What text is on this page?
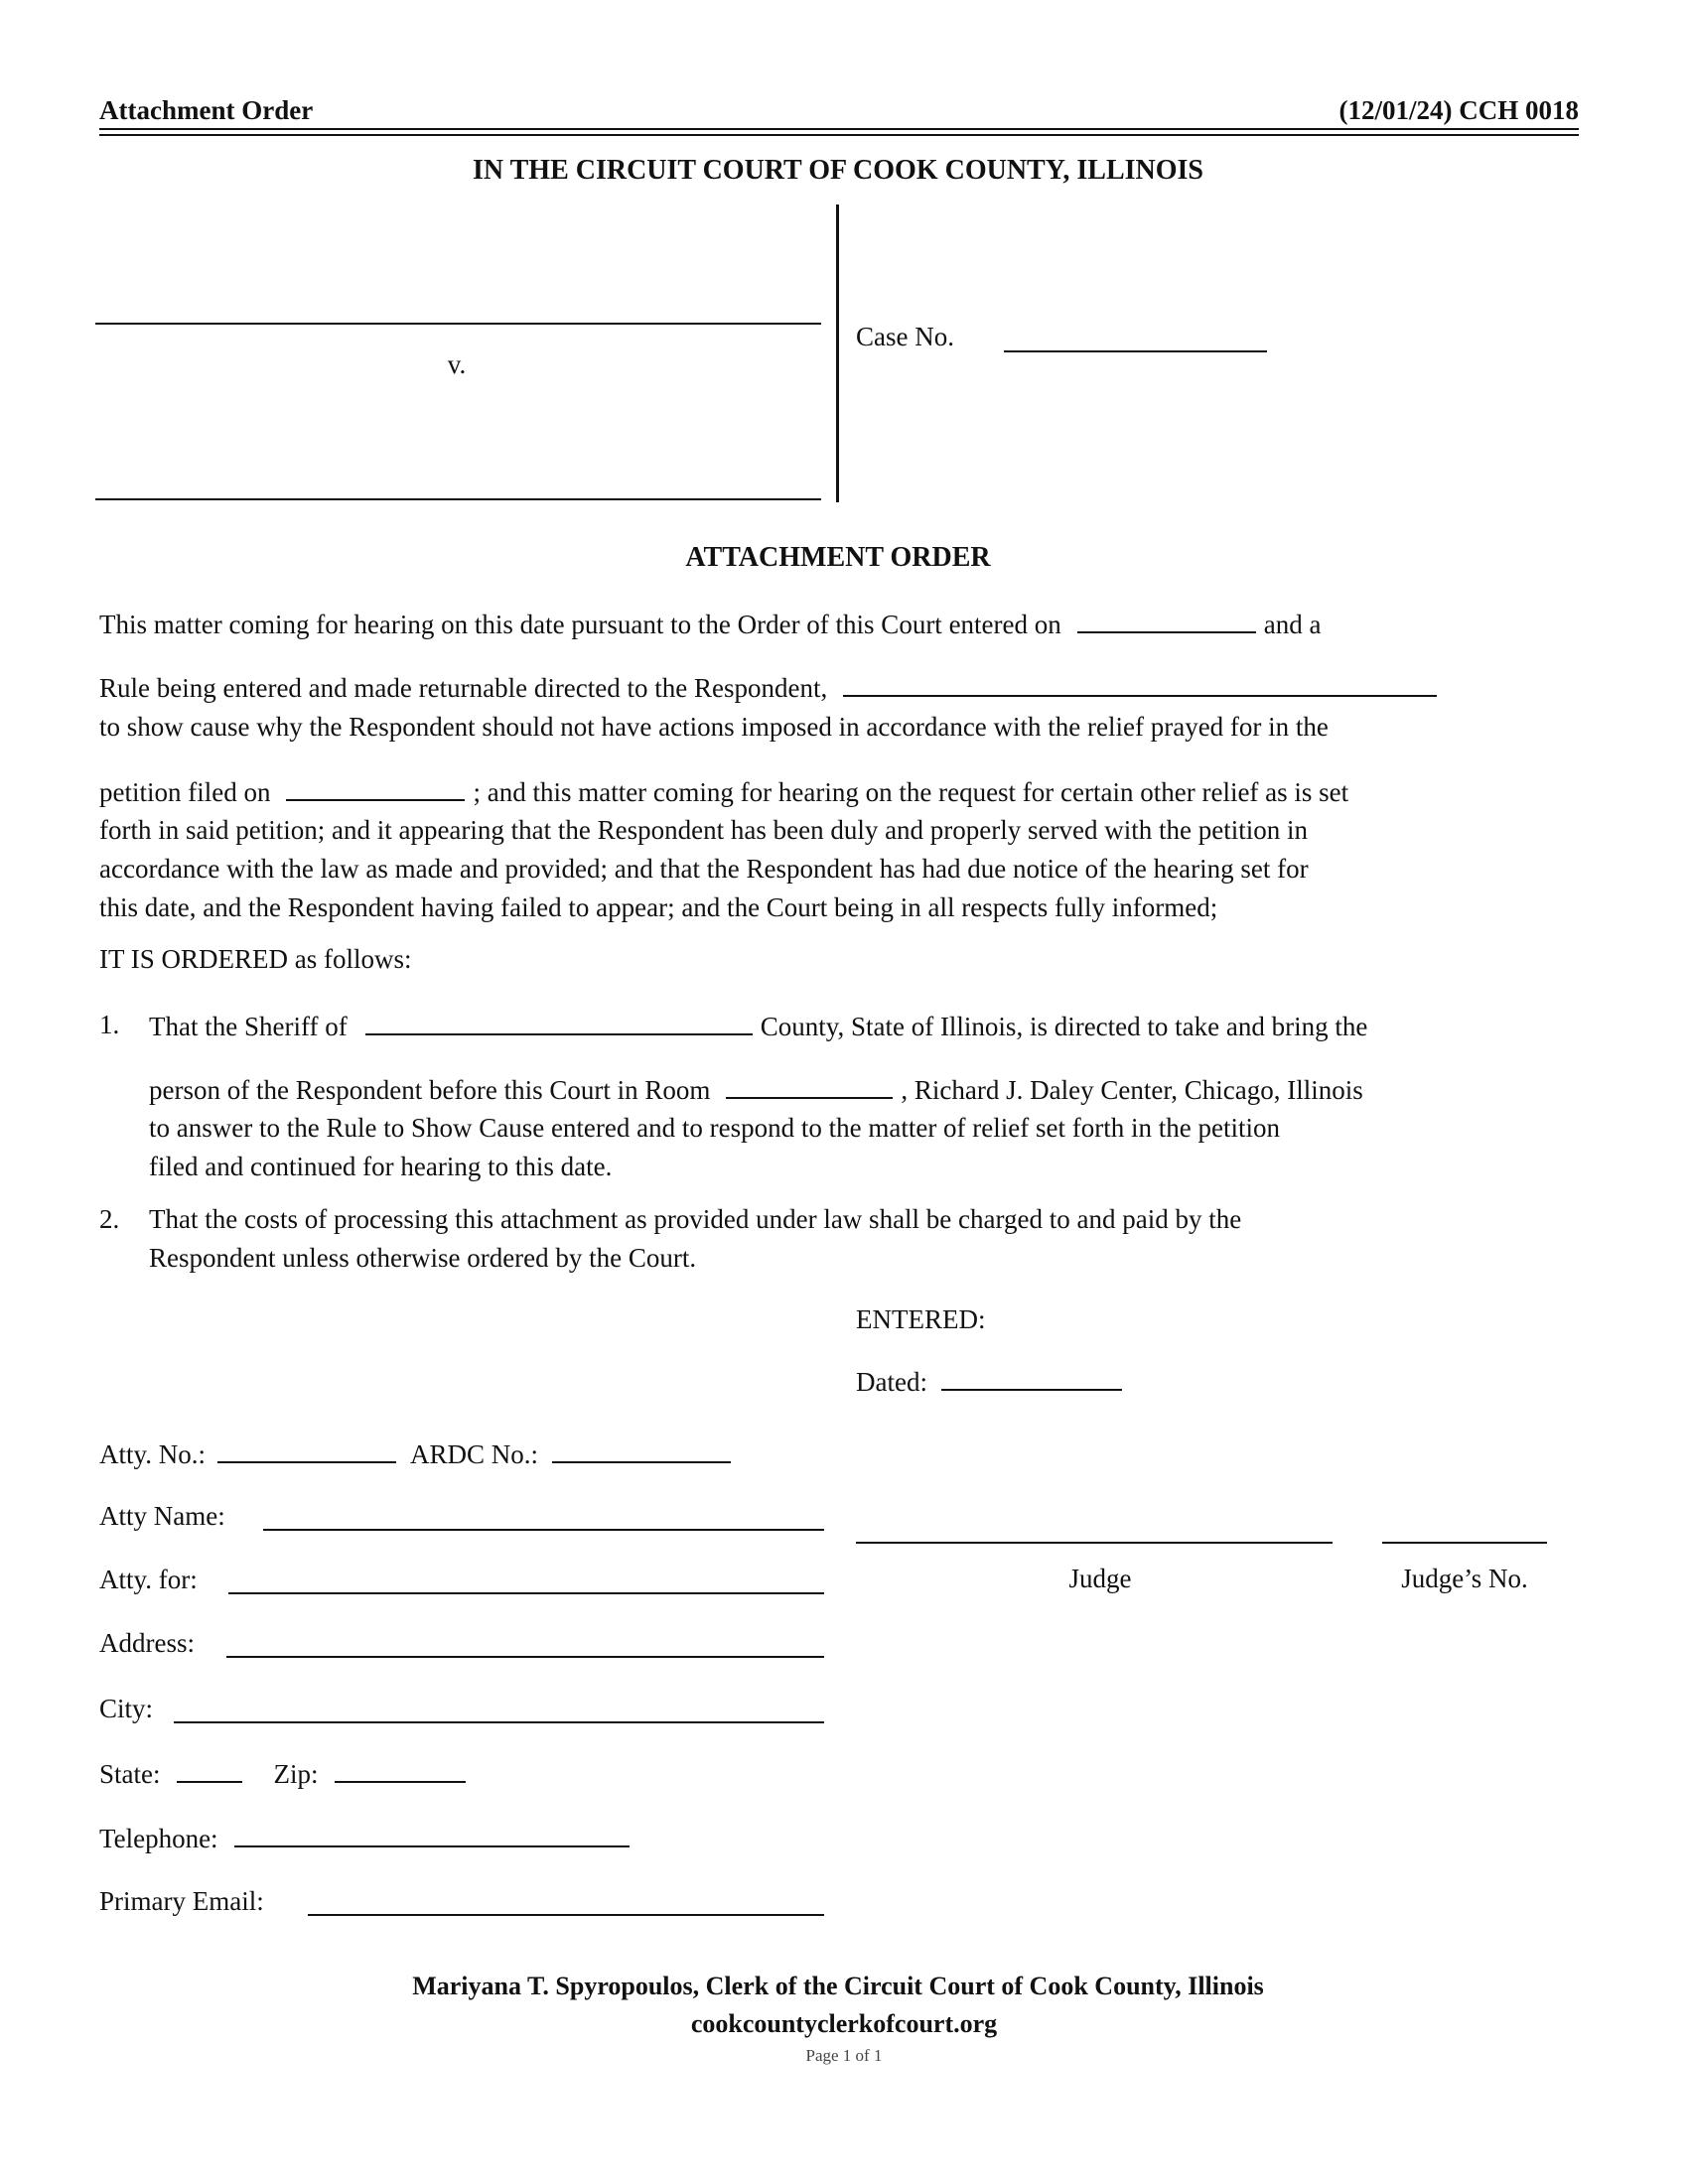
Attachment Order	(12/01/24) CCH 0018
IN THE CIRCUIT COURT OF COOK COUNTY, ILLINOIS
v.
Case No.
ATTACHMENT ORDER
This matter coming for hearing on this date pursuant to the Order of this Court entered on	and a
Rule being entered and made returnable directed to the Respondent,
to show cause why the Respondent should not have actions imposed in accordance with the relief prayed for in the
petition filed on	; and this matter coming for hearing on the request for certain other relief as is set
forth in said petition; and it appearing that the Respondent has been duly and properly served with the petition in
accordance with the law as made and provided; and that the Respondent has had due notice of the hearing set for
this date, and the Respondent having failed to appear; and the Court being in all respects fully informed;
IT IS ORDERED as follows:
1. That the Sheriff of	County, State of Illinois, is directed to take and bring the
person of the Respondent before this Court in Room	, Richard J. Daley Center, Chicago, Illinois
to answer to the Rule to Show Cause entered and to respond to the matter of relief set forth in the petition
filed and continued for hearing to this date.
2. That the costs of processing this attachment as provided under law shall be charged to and paid by the
Respondent unless otherwise ordered by the Court.
ENTERED:
Dated:
Judge	Judge’s No.
Atty. No.:	ARDC No.:
Atty Name:
Atty. for:
Address:
City:
State:	Zip:
Telephone:
Primary Email:
Mariyana T. Spyropoulos, Clerk of the Circuit Court of Cook County, Illinois
cookcountyclerkofcourt.org
Page 1 of 1
